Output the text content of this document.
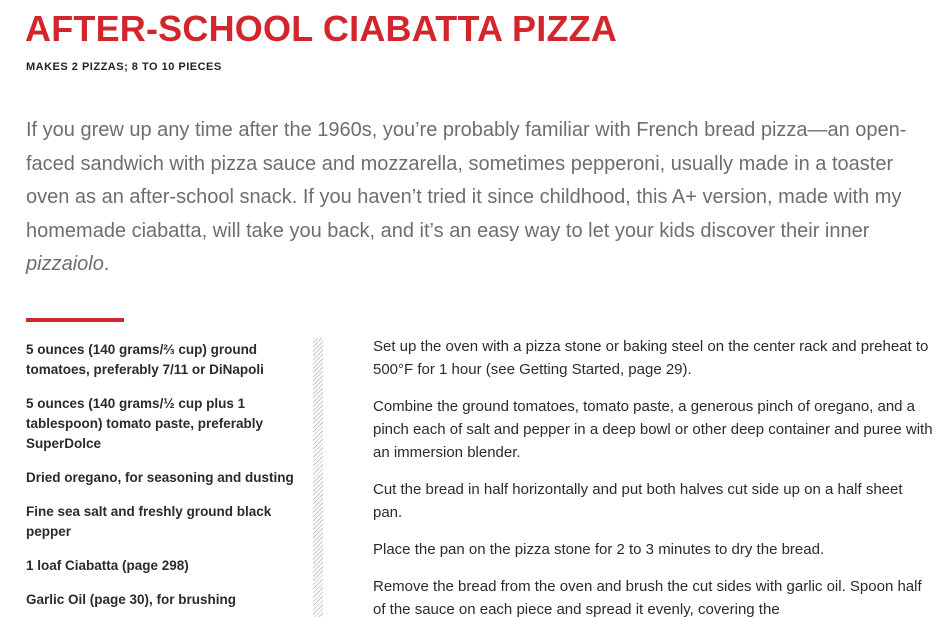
AFTER-SCHOOL CIABATTA PIZZA
MAKES 2 PIZZAS; 8 TO 10 PIECES

If you grew up any time after the 1960s, you’re probably familiar with French bread pizza—an open-faced sandwich with pizza sauce and mozzarella, sometimes pepperoni, usually made in a toaster oven as an after-school snack. If you haven’t tried it since childhood, this A+ version, made with my homemade ciabatta, will take you back, and it’s an easy way to let your kids discover their inner pizzaiolo.

5 ounces (140 grams/⅔ cup) ground tomatoes, preferably 7/11 or DiNapoli
5 ounces (140 grams/½ cup plus 1 tablespoon) tomato paste, preferably SuperDolce
Dried oregano, for seasoning and dusting
Fine sea salt and freshly ground black pepper
1 loaf Ciabatta (page 298)
Garlic Oil (page 30), for brushing
Set up the oven with a pizza stone or baking steel on the center rack and preheat to 500°F for 1 hour (see Getting Started, page 29).
Combine the ground tomatoes, tomato paste, a generous pinch of oregano, and a pinch each of salt and pepper in a deep bowl or other deep container and puree with an immersion blender.
Cut the bread in half horizontally and put both halves cut side up on a half sheet pan.
Place the pan on the pizza stone for 2 to 3 minutes to dry the bread.
Remove the bread from the oven and brush the cut sides with garlic oil. Spoon half of the sauce on each piece and spread it evenly, covering the
